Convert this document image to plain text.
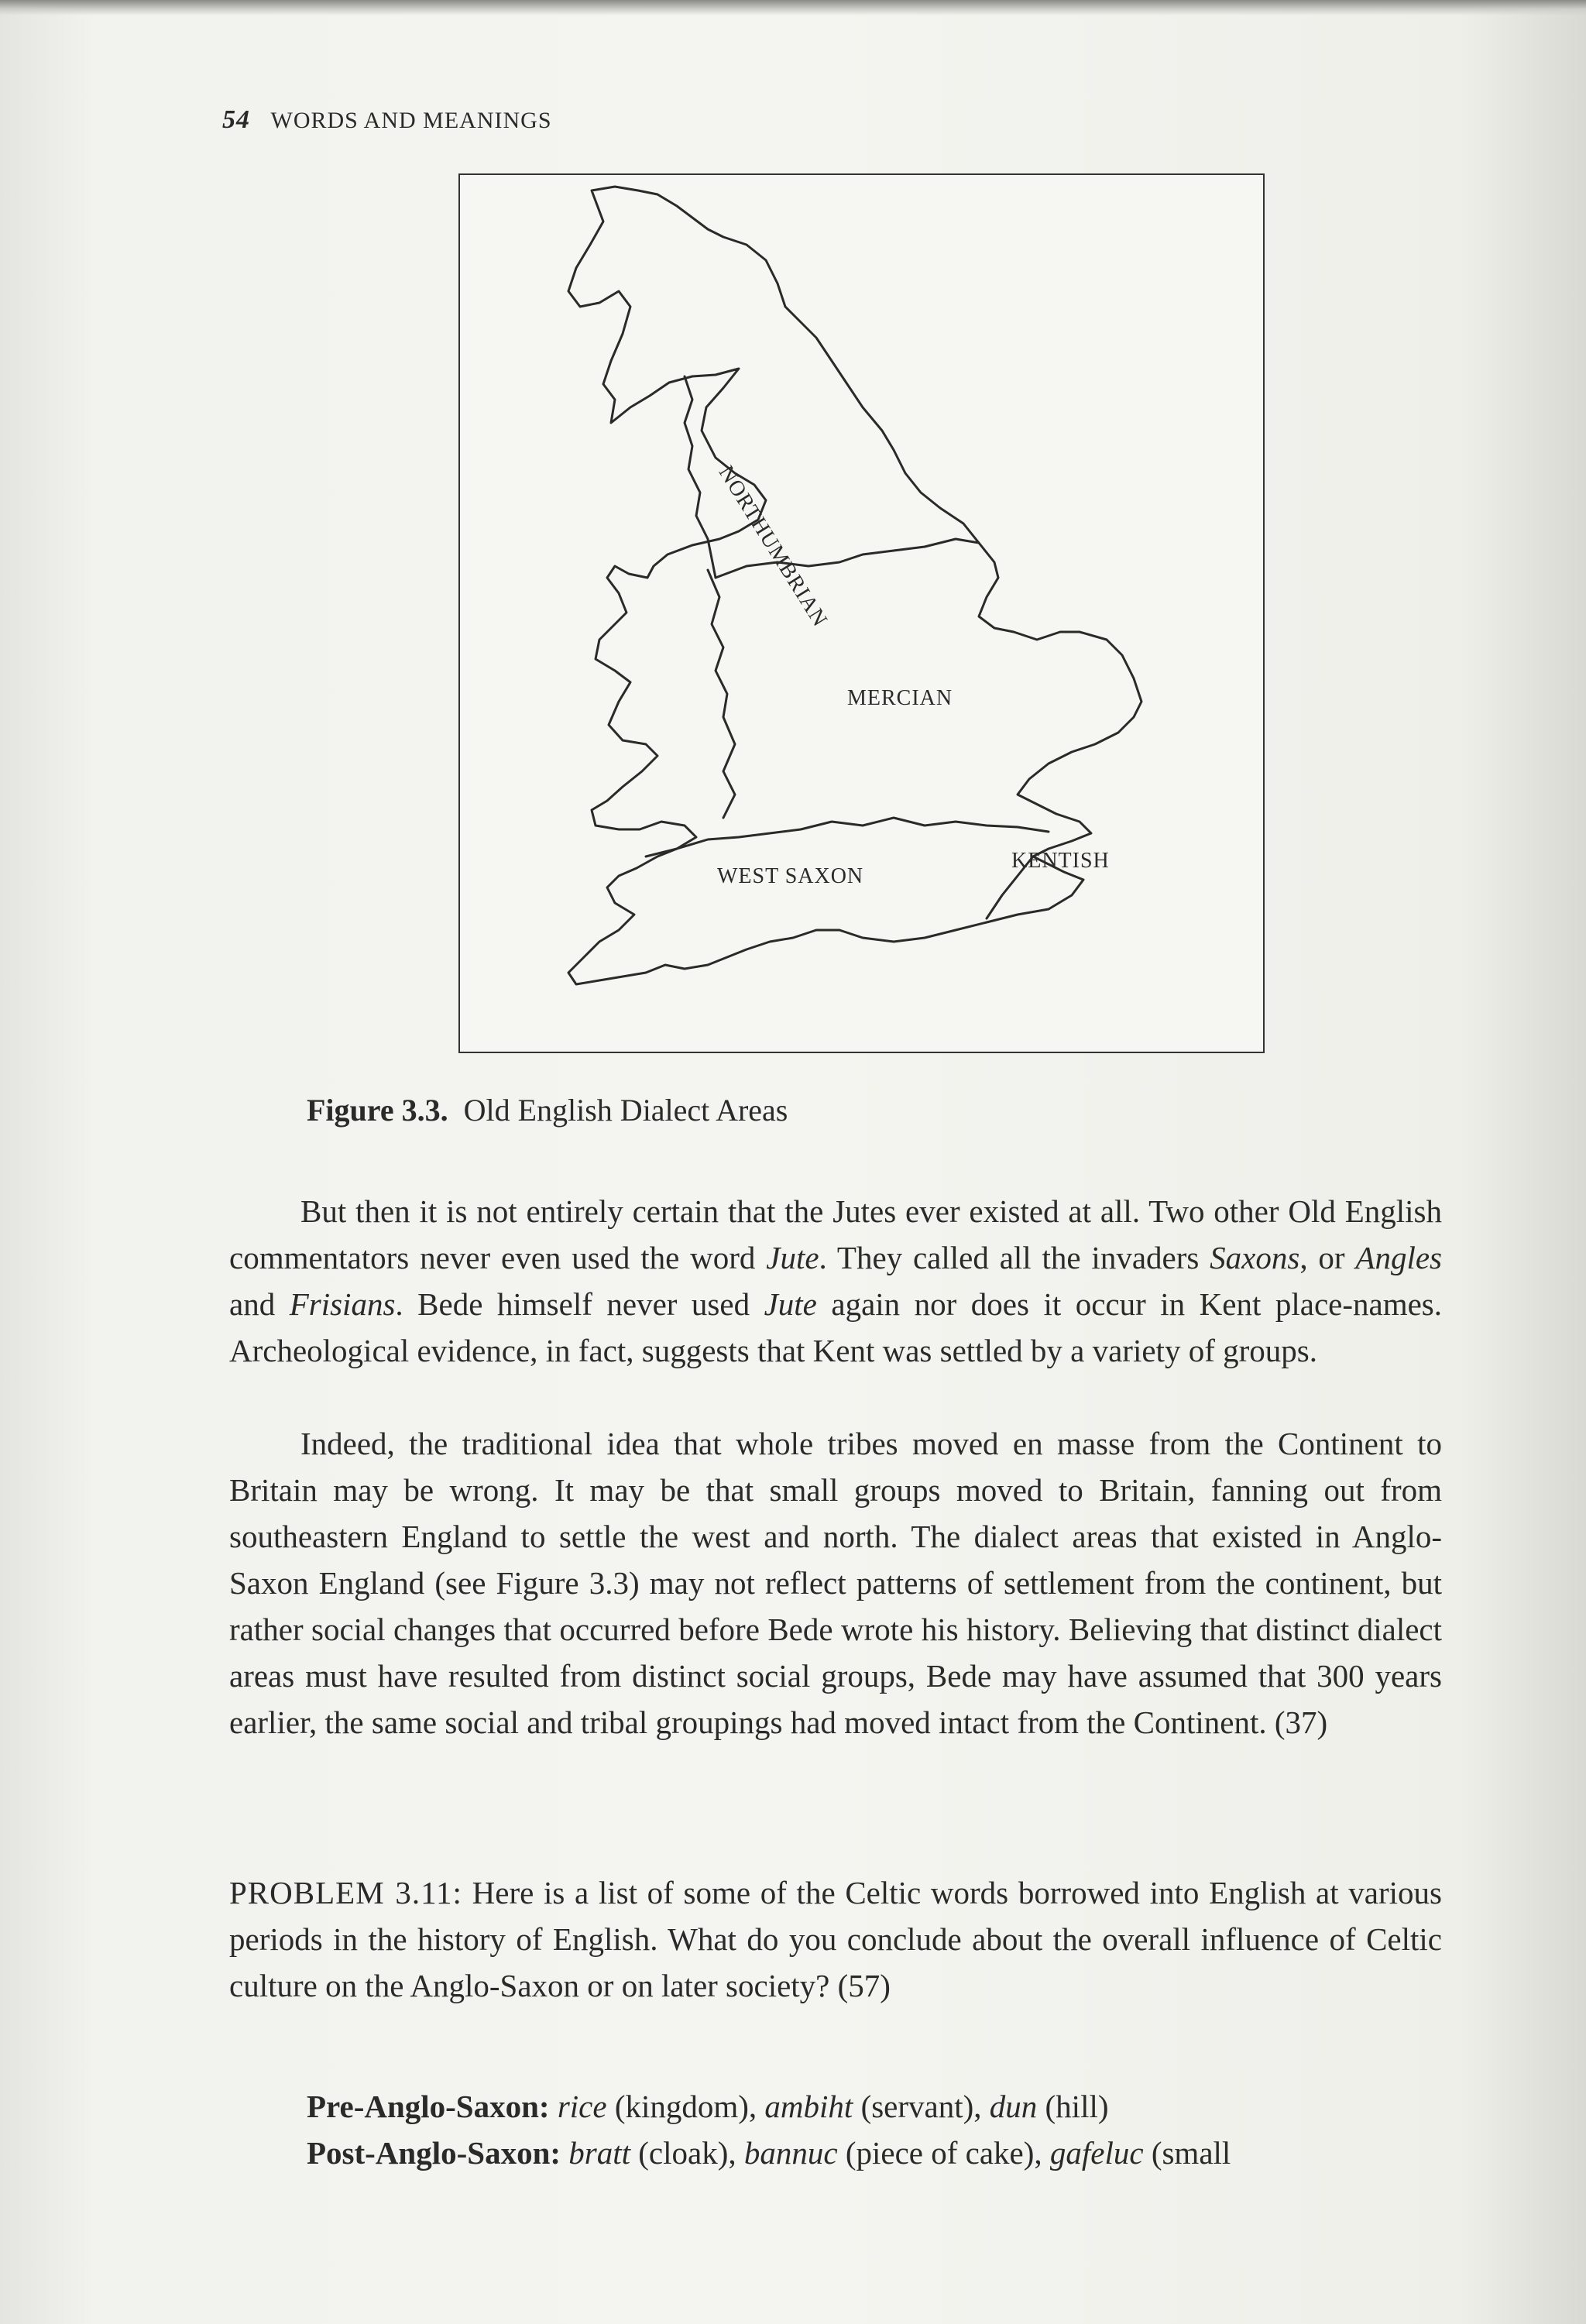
54 WORDS AND MEANINGS
NORTHUMBRIAN
MERCIAN
WEST SAXON
KENTISH
Figure 3.3. Old English Dialect Areas

But then it is not entirely certain that the Jutes ever existed at all. Two other Old English commentators never even used the word Jute. They called all the invaders Saxons, or Angles and Frisians. Bede himself never used Jute again nor does it occur in Kent place-names. Archeological evidence, in fact, suggests that Kent was settled by a variety of groups.

Indeed, the traditional idea that whole tribes moved en masse from the Continent to Britain may be wrong. It may be that small groups moved to Britain, fanning out from southeastern England to settle the west and north. The dialect areas that existed in Anglo-Saxon England (see Figure 3.3) may not reflect patterns of settlement from the continent, but rather social changes that occurred before Bede wrote his history. Believing that distinct dialect areas must have resulted from distinct social groups, Bede may have assumed that 300 years earlier, the same social and tribal groupings had moved intact from the Continent. (37)

PROBLEM 3.11: Here is a list of some of the Celtic words borrowed into English at various periods in the history of English. What do you conclude about the overall influence of Celtic culture on the Anglo-Saxon or on later society? (57)

Pre-Anglo-Saxon: rice (kingdom), ambiht (servant), dun (hill)
Post-Anglo-Saxon: bratt (cloak), bannuc (piece of cake), gafeluc (small
